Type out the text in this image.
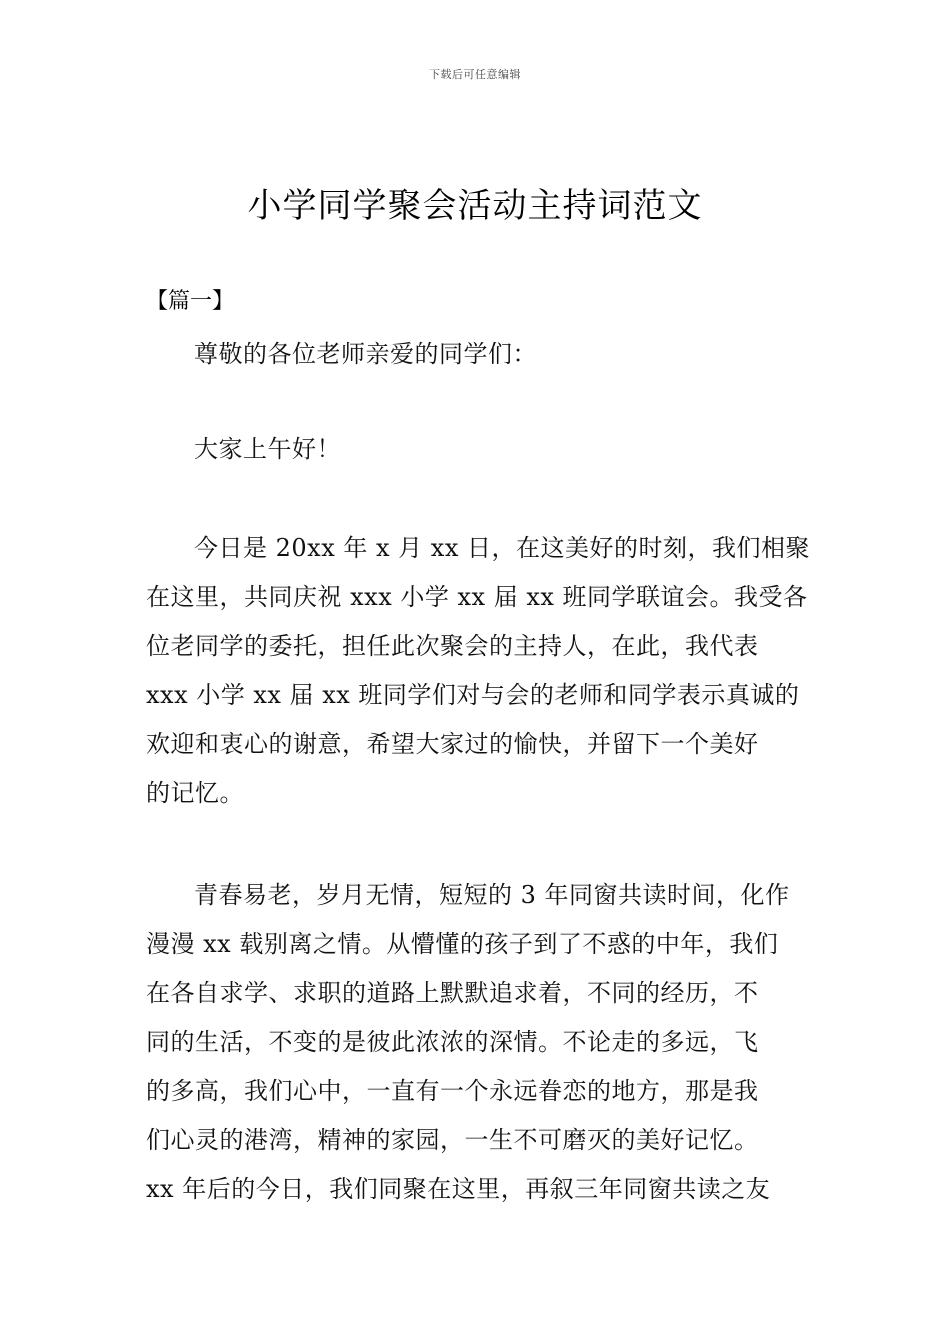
下载后可任意编辑
小学同学聚会活动主持词范文
【篇一】
尊敬的各位老师亲爱的同学们：
大家上午好！
今日是 20xx 年 x 月 xx 日，在这美好的时刻，我们相聚
在这里，共同庆祝 xxx 小学 xx 届 xx 班同学联谊会。我受各
位老同学的委托，担任此次聚会的主持人，在此，我代表
xxx 小学 xx 届 xx 班同学们对与会的老师和同学表示真诚的
欢迎和衷心的谢意，希望大家过的愉快，并留下一个美好
的记忆。
青春易老，岁月无情，短短的 3 年同窗共读时间，化作
漫漫 xx 载别离之情。从懵懂的孩子到了不惑的中年，我们
在各自求学、求职的道路上默默追求着，不同的经历，不
同的生活，不变的是彼此浓浓的深情。不论走的多远，飞
的多高，我们心中，一直有一个永远眷恋的地方，那是我
们心灵的港湾，精神的家园，一生不可磨灭的美好记忆。
xx 年后的今日，我们同聚在这里，再叙三年同窗共读之友
